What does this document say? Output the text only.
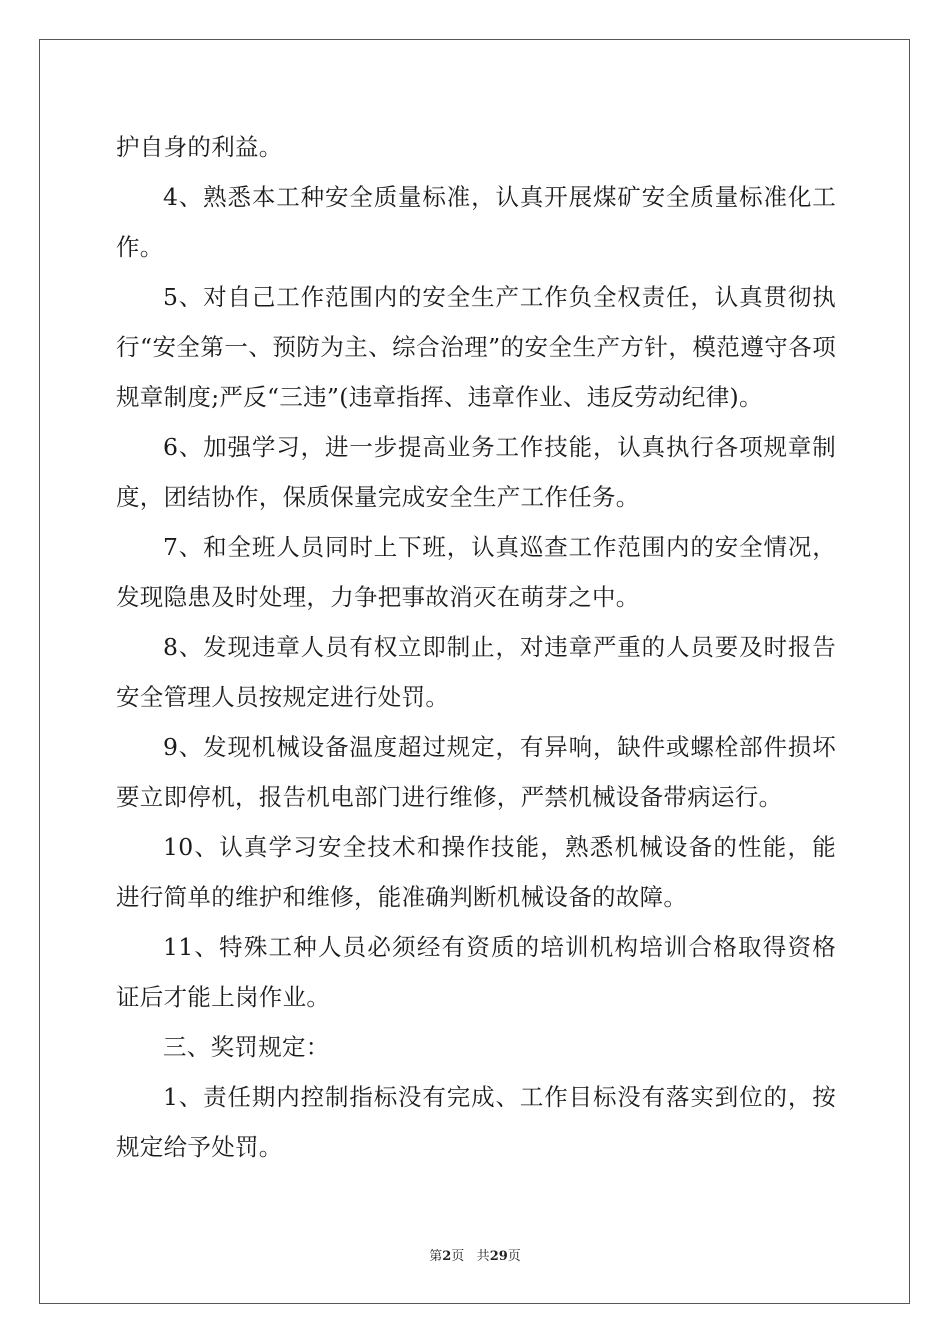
护自身的利益。

4、熟悉本工种安全质量标准，认真开展煤矿安全质量标准化工作。

5、对自己工作范围内的安全生产工作负全权责任，认真贯彻执行“安全第一、预防为主、综合治理”的安全生产方针，模范遵守各项规章制度;严反“三违”(违章指挥、违章作业、违反劳动纪律)。

6、加强学习，进一步提高业务工作技能，认真执行各项规章制度，团结协作，保质保量完成安全生产工作任务。

7、和全班人员同时上下班，认真巡查工作范围内的安全情况，发现隐患及时处理，力争把事故消灭在萌芽之中。

8、发现违章人员有权立即制止，对违章严重的人员要及时报告安全管理人员按规定进行处罚。

9、发现机械设备温度超过规定，有异响，缺件或螺栓部件损坏要立即停机，报告机电部门进行维修，严禁机械设备带病运行。

10、认真学习安全技术和操作技能，熟悉机械设备的性能，能进行简单的维护和维修，能准确判断机械设备的故障。

11、特殊工种人员必须经有资质的培训机构培训合格取得资格证后才能上岗作业。

三、奖罚规定：

1、责任期内控制指标没有完成、工作目标没有落实到位的，按规定给予处罚。

第2页 共29页
